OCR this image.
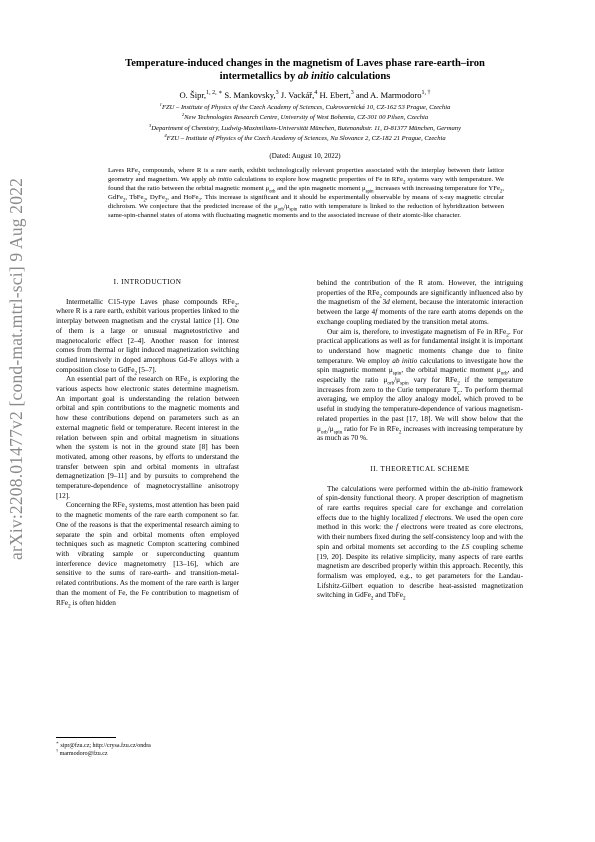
arXiv:2208.01477v2 [cond-mat.mtrl-sci] 9 Aug 2022
Temperature-induced changes in the magnetism of Laves phase rare-earth–iron
intermetallics by ab initio calculations
O. Šipr,$^{1, 2, ∗}$ S. Mankovsky,$^3$ J. Vackář,$^4$ H. Ebert,$^3$ and A. Marmodoro$^{1, \dagger}$
$^1$FZU – Institute of Physics of the Czech Academy of Sciences, Cukrovarnická 10, CZ-162 53 Prague, Czechia
$^2$New Technologies Research Centre, University of West Bohemia, CZ-301 00 Pilsen, Czechia
$^3$Department of Chemistry, Ludwig-Maximilians-Universität München, Butenandtstr. 11, D-81377 München, Germany
$^4$FZU – Institute of Physics of the Czech Academy of Sciences, Na Slovance 2, CZ-182 21 Prague, Czechia
(Dated: August 10, 2022)
Laves RFe$_2$ compounds, where R is a rare earth, exhibit technologically relevant properties associated with the interplay between their lattice geometry and magnetism. We apply ab initio calculations to explore how magnetic properties of Fe in RFe$_2$ systems vary with temperature. We found that the ratio between the orbital magnetic moment $\mu_{orb}$ and the spin magnetic moment $\mu_{spin}$ increases with increasing temperature for YFe$_2$, GdFe$_2$, TbFe$_2$, DyFe$_2$, and HoFe$_2$. This increase is significant and it should be experimentally observable by means of x-ray magnetic circular dichroism. We conjecture that the predicted increase of the $\mu_{orb}/\mu_{spin}$ ratio with temperature is linked to the reduction of hybridization between same-spin-channel states of atoms with fluctuating magnetic moments and to the associated increase of their atomic-like character.
I. INTRODUCTION

Intermetallic C15-type Laves phase compounds RFe$_2$, where R is a rare earth, exhibit various properties linked to the interplay between magnetism and the crystal lattice [1]. One of them is a large or unusual magnetostrictive and magnetocaloric effect [2–4]. Another reason for interest comes from thermal or light induced magnetization switching studied intensively in doped amorphous Gd-Fe alloys with a composition close to GdFe$_2$ [5–7].

An essential part of the research on RFe$_2$ is exploring the various aspects how electronic states determine magnetism. An important goal is understanding the relation between orbital and spin contributions to the magnetic moments and how these contributions depend on parameters such as an external magnetic field or temperature. Recent interest in the relation between spin and orbital magnetism in situations when the system is not in the ground state [8] has been motivated, among other reasons, by efforts to understand the transfer between spin and orbital moments in ultrafast demagnetization [9–11] and by pursuits to comprehend the temperature-dependence of magnetocrystalline anisotropy [12].

Concerning the RFe$_2$ systems, most attention has been paid to the magnetic moments of the rare earth component so far. One of the reasons is that the experimental research aiming to separate the spin and orbital moments often employed techniques such as magnetic Compton scattering combined with vibrating sample or superconducting quantum interference device magnetometry [13–16], which are sensitive to the sums of rare-earth- and transition-metal-related contributions. As the moment of the rare earth is larger than the moment of Fe, the Fe contribution to magnetism of RFe$_2$ is often hidden

behind the contribution of the R atom. However, the intriguing properties of the RFe$_2$ compounds are significantly influenced also by the magnetism of the 3d element, because the interatomic interaction between the large 4f moments of the rare earth atoms depends on the exchange coupling mediated by the transition metal atoms.

Our aim is, therefore, to investigate magnetism of Fe in RFe$_2$. For practical applications as well as for fundamental insight it is important to understand how magnetic moments change due to finite temperature. We employ ab initio calculations to investigate how the spin magnetic moment $\mu_{spin}$, the orbital magnetic moment $\mu_{orb}$, and especially the ratio $\mu_{orb}/\mu_{spin}$ vary for RFe$_2$ if the temperature increases from zero to the Curie temperature $T_C$. To perform thermal averaging, we employ the alloy analogy model, which proved to be useful in studying the temperature-dependence of various magnetism-related properties in the past [17, 18]. We will show below that the $\mu_{orb}/\mu_{spin}$ ratio for Fe in RFe$_2$ increases with increasing temperature by as much as 70 %.

II. THEORETICAL SCHEME

The calculations were performed within the ab-initio framework of spin-density functional theory. A proper description of magnetism of rare earths requires special care for exchange and correlation effects due to the highly localized f electrons. We used the open core method in this work: the f electrons were treated as core electrons, with their numbers fixed during the self-consistency loop and with the spin and orbital moments set according to the LS coupling scheme [19, 20]. Despite its relative simplicity, many aspects of rare earths magnetism are described properly within this approach. Recently, this formalism was employed, e.g., to get parameters for the Landau-Lifshitz-Gilbert equation to describe heat-assisted magnetization switching in GdFe$_2$ and TbFe$_2$

∗ sipr@fzu.cz; http://crysa.fzu.cz/ondra
† marmodoro@fzu.cz
